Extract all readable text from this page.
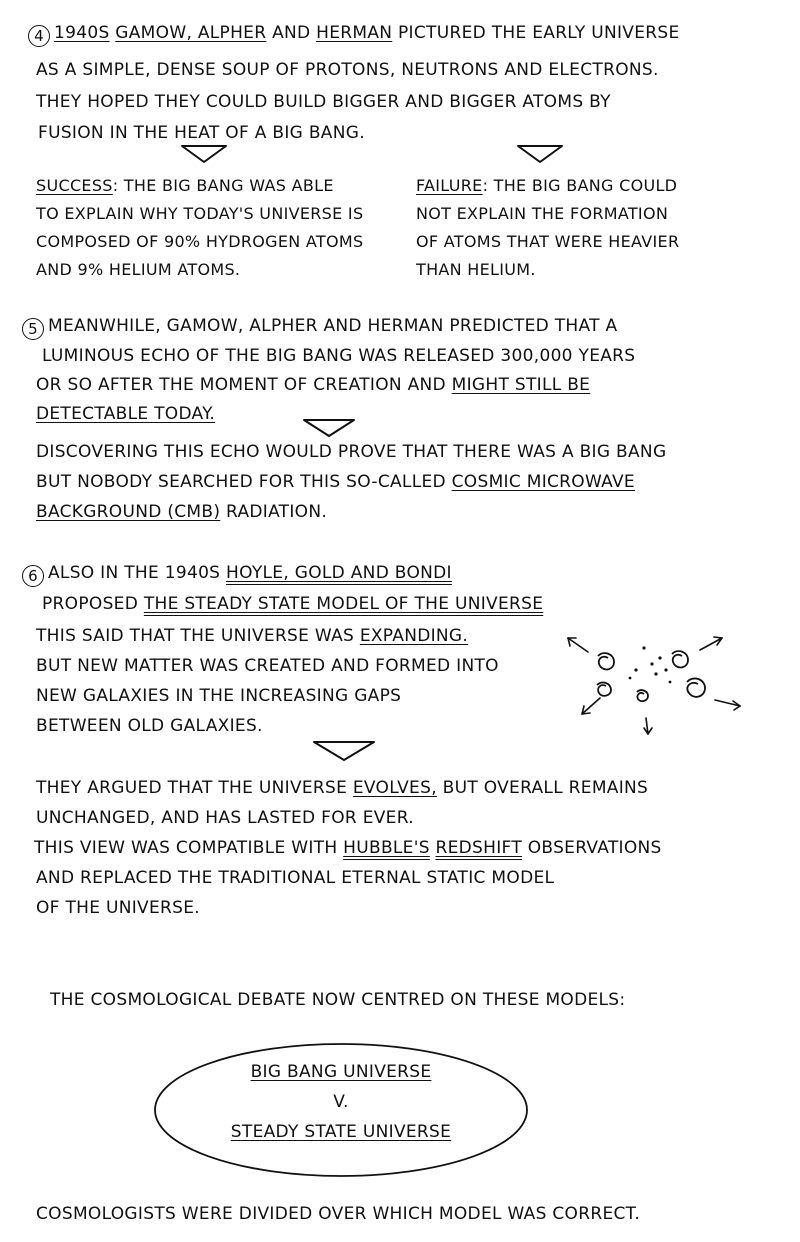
4 1940S GAMOW, ALPHER AND HERMAN PICTURED THE EARLY UNIVERSE
AS A SIMPLE, DENSE SOUP OF PROTONS, NEUTRONS AND ELECTRONS.
THEY HOPED THEY COULD BUILD BIGGER AND BIGGER ATOMS BY
FUSION IN THE HEAT OF A BIG BANG.
SUCCESS: THE BIG BANG WAS ABLE
TO EXPLAIN WHY TODAY'S UNIVERSE IS
COMPOSED OF 90% HYDROGEN ATOMS
AND 9% HELIUM ATOMS.
FAILURE: THE BIG BANG COULD
NOT EXPLAIN THE FORMATION
OF ATOMS THAT WERE HEAVIER
THAN HELIUM.
5 MEANWHILE, GAMOW, ALPHER AND HERMAN PREDICTED THAT A
LUMINOUS ECHO OF THE BIG BANG WAS RELEASED 300,000 YEARS
OR SO AFTER THE MOMENT OF CREATION AND MIGHT STILL BE
DETECTABLE TODAY.
DISCOVERING THIS ECHO WOULD PROVE THAT THERE WAS A BIG BANG
BUT NOBODY SEARCHED FOR THIS SO-CALLED COSMIC MICROWAVE
BACKGROUND (CMB) RADIATION.
6 ALSO IN THE 1940S HOYLE, GOLD AND BONDI
PROPOSED THE STEADY STATE MODEL OF THE UNIVERSE
THIS SAID THAT THE UNIVERSE WAS EXPANDING.
BUT NEW MATTER WAS CREATED AND FORMED INTO
NEW GALAXIES IN THE INCREASING GAPS
BETWEEN OLD GALAXIES.
THEY ARGUED THAT THE UNIVERSE EVOLVES, BUT OVERALL REMAINS
UNCHANGED, AND HAS LASTED FOR EVER.
THIS VIEW WAS COMPATIBLE WITH HUBBLE'S REDSHIFT OBSERVATIONS
AND REPLACED THE TRADITIONAL ETERNAL STATIC MODEL
OF THE UNIVERSE.
THE COSMOLOGICAL DEBATE NOW CENTRED ON THESE MODELS:
BIG BANG UNIVERSE
V.
STEADY STATE UNIVERSE
COSMOLOGISTS WERE DIVIDED OVER WHICH MODEL WAS CORRECT.
